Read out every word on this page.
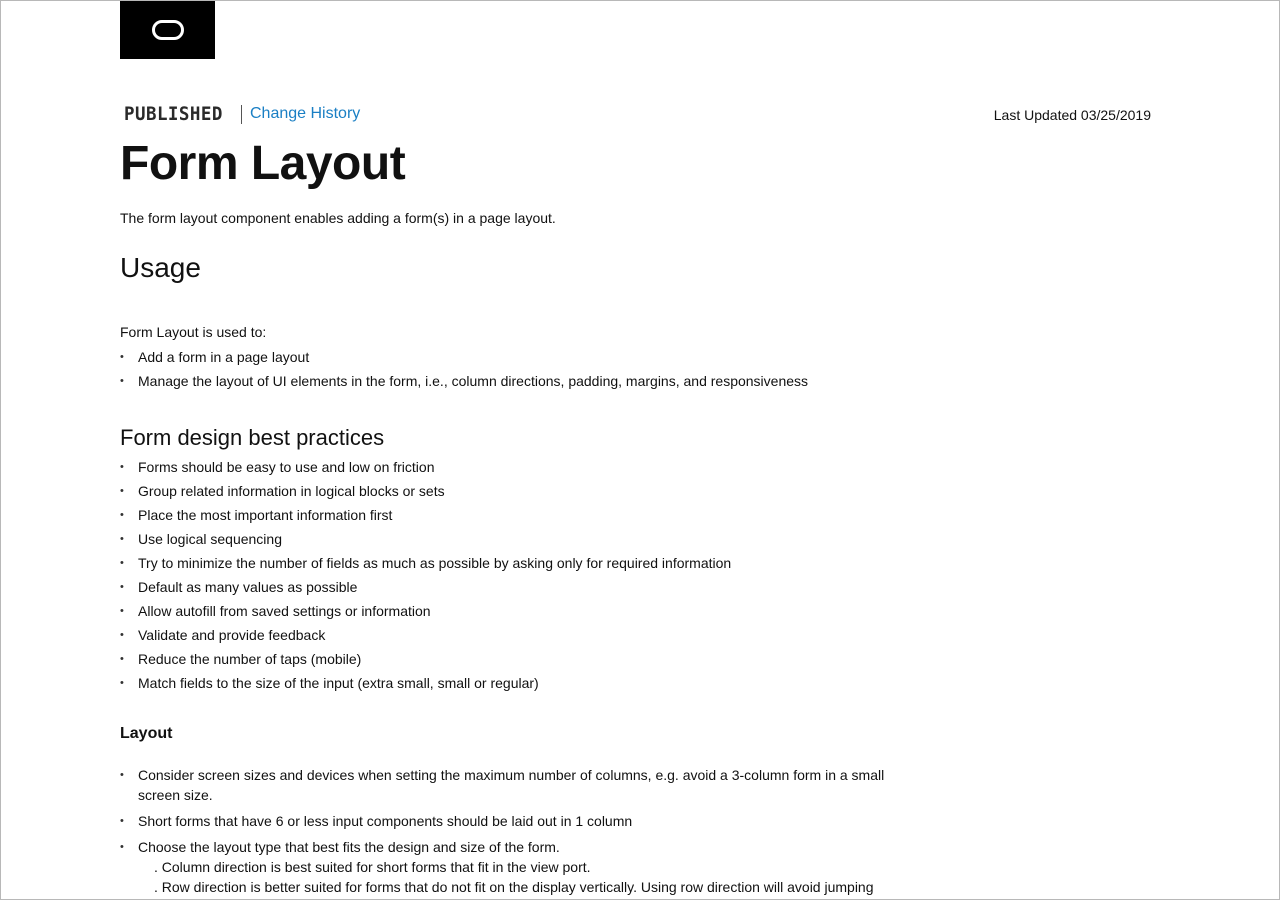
PUBLISHED Change History	Last Updated 03/25/2019
Form Layout

The form layout component enables adding a form(s) in a page layout.

Usage

Form Layout is used to:

• Add a form in a page layout
• Manage the layout of UI elements in the form, i.e., column directions, padding, margins, and responsiveness
Form design best practices
• Forms should be easy to use and low on friction
• Group related information in logical blocks or sets
• Place the most important information first
• Use logical sequencing
• Try to minimize the number of fields as much as possible by asking only for required information
• Default as many values as possible
• Allow autofill from saved settings or information
• Validate and provide feedback
• Reduce the number of taps (mobile)
• Match fields to the size of the input (extra small, small or regular)
Layout
• Consider screen sizes and devices when setting the maximum number of columns, e.g. avoid a 3-column form in a small screen size.
• Short forms that have 6 or less input components should be laid out in 1 column
• Choose the layout type that best fits the design and size of the form.
. Column direction is best suited for short forms that fit in the view port.
. Row direction is better suited for forms that do not fit on the display vertically. Using row direction will avoid jumping
